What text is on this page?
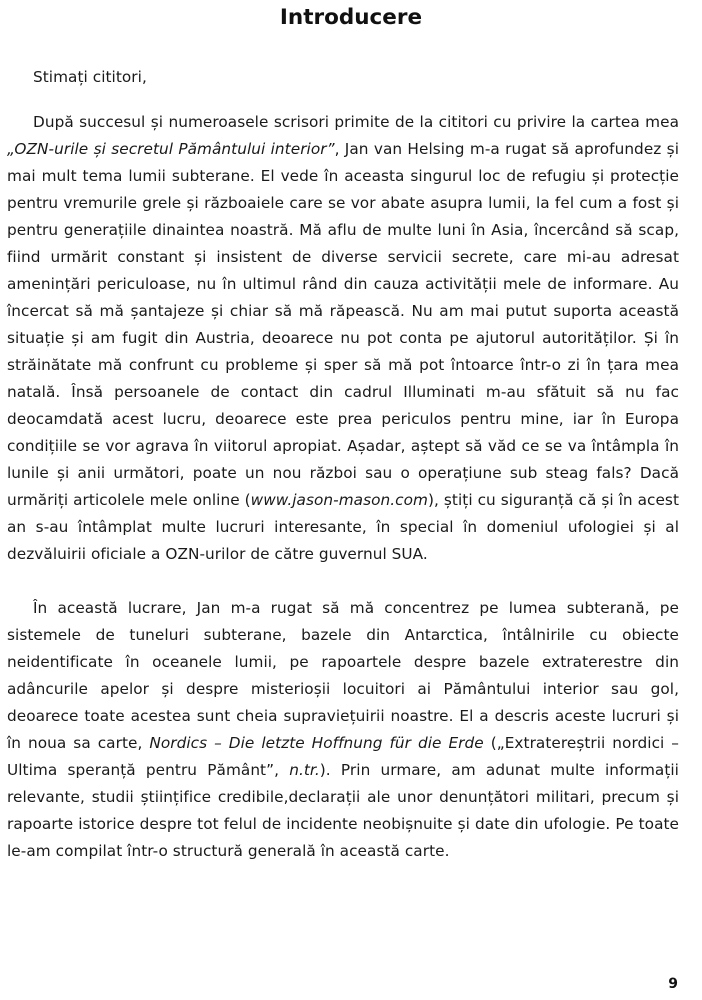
Introducere

Stimați cititori,

După succesul și numeroasele scrisori primite de la cititori cu privire la cartea mea „OZN-urile și secretul Pământului interior”, Jan van Helsing m-a rugat să aprofundez și mai mult tema lumii subterane. El vede în aceasta singurul loc de refugiu și protecție pentru vremurile grele și războaiele care se vor abate asupra lumii, la fel cum a fost și pentru generațiile dinaintea noastră. Mă aflu de multe luni în Asia, încercând să scap, fiind urmărit constant și insistent de diverse servicii secrete, care mi-au adresat amenințări periculoase, nu în ultimul rând din cauza activității mele de informare. Au încercat să mă șantajeze și chiar să mă răpească. Nu am mai putut suporta această situație și am fugit din Austria, deoarece nu pot conta pe ajutorul autorităților. Și în străinătate mă confrunt cu probleme și sper să mă pot întoarce într-o zi în țara mea natală. Însă persoanele de contact din cadrul Illuminati m-au sfătuit să nu fac deocamdată acest lucru, deoarece este prea periculos pentru mine, iar în Europa condițiile se vor agrava în viitorul apropiat. Așadar, aștept să văd ce se va întâmpla în lunile și anii următori, poate un nou război sau o operațiune sub steag fals? Dacă urmăriți articolele mele online (www.jason-mason.com), știți cu siguranță că și în acest an s-au întâmplat multe lucruri interesante, în special în domeniul ufologiei și al dezvăluirii oficiale a OZN-urilor de către guvernul SUA.

În această lucrare, Jan m-a rugat să mă concentrez pe lumea subterană, pe sistemele de tuneluri subterane, bazele din Antarctica, întâlnirile cu obiecte neidentificate în oceanele lumii, pe rapoartele despre bazele extraterestre din adâncurile apelor și despre misterioșii locuitori ai Pământului interior sau gol, deoarece toate acestea sunt cheia supraviețuirii noastre. El a descris aceste lucruri și în noua sa carte, Nordics – Die letzte Hoffnung für die Erde („Extratereștrii nordici – Ultima speranță pentru Pământ”, n.tr.). Prin urmare, am adunat multe informații relevante, studii științifice credibile,declarații ale unor denunțători militari, precum și rapoarte istorice despre tot felul de incidente neobișnuite și date din ufologie. Pe toate le-am compilat într-o structură generală în această carte.

9
